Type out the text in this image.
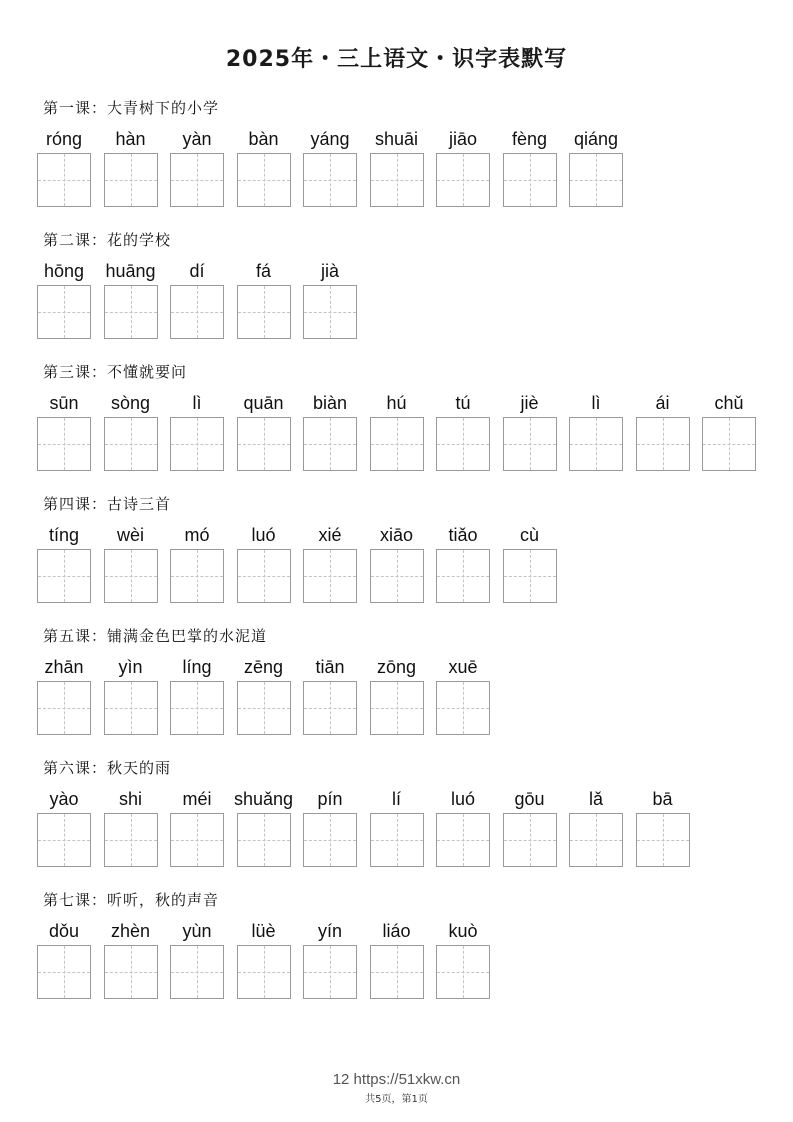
2025年・三上语文・识字表默写
第一课：大青树下的小学
róng	hàn	yàn	bàn	yáng	shuāi	jiāo	fèng	qiáng
第二课：花的学校
hōng	huāng	dí	fá	jià
第三课：不懂就要问
sūn	sòng	lì	quān	biàn	hú	tú	jiè	lì	ái	chǔ
第四课：古诗三首
tíng	wèi	mó	luó	xié	xiāo	tiǎo	cù
第五课：铺满金色巴掌的水泥道
zhān	yìn	líng	zēng	tiān	zōng	xuē
第六课：秋天的雨
yào	shi	méi	shuǎng	pín	lí	luó	gōu	lǎ	bā
第七课：听听，秋的声音
dǒu	zhèn	yùn	lüè	yín	liáo	kuò
12 https://51xkw.cn
共5页，第1页
